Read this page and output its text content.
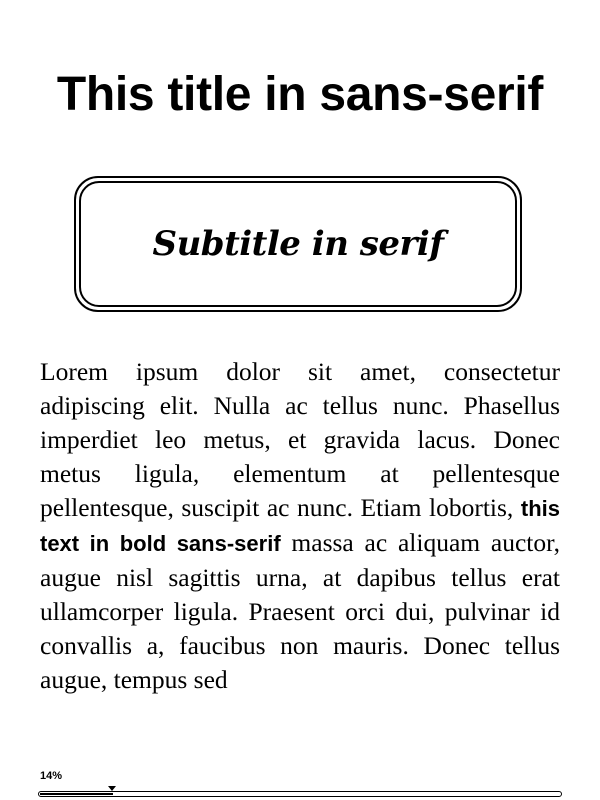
This title in sans-serif
Subtitle in serif

Lorem ipsum dolor sit amet, consectetur adipiscing elit. Nulla ac tellus nunc. Phasellus imperdiet leo metus, et gravida lacus. Donec metus ligula, elementum at pellentesque pellentesque, suscipit ac nunc. Etiam lobortis, this text in bold sans-serif massa ac aliquam auctor, augue nisl sagittis urna, at dapibus tellus erat ullamcorper ligula. Praesent orci dui, pulvinar id convallis a, faucibus non mauris. Donec tellus augue, tempus sed

14%
